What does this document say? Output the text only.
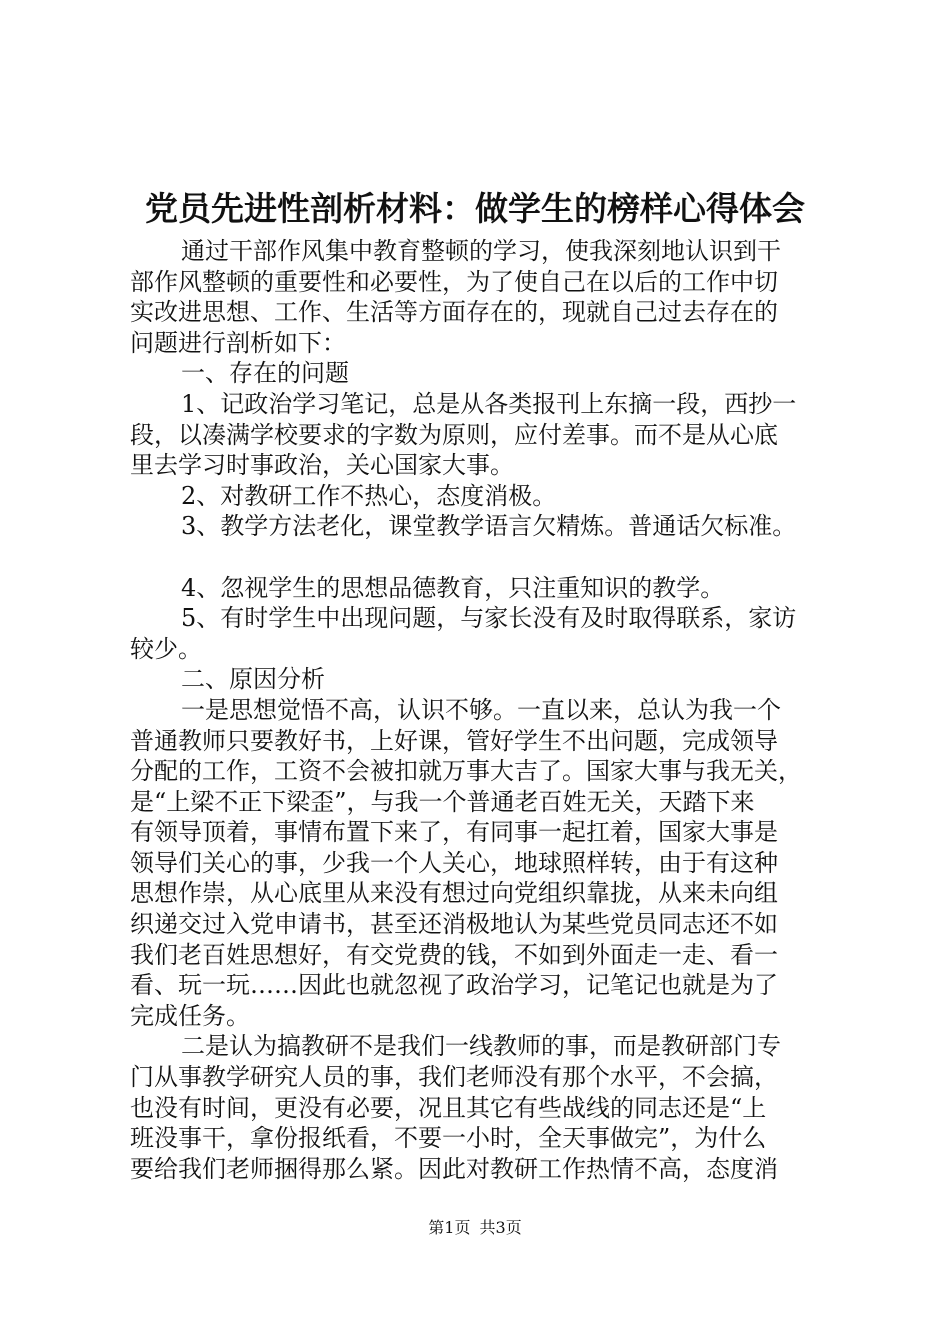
党员先进性剖析材料：做学生的榜样心得体会
通过干部作风集中教育整顿的学习，使我深刻地认识到干
部作风整顿的重要性和必要性，为了使自己在以后的工作中切
实改进思想、工作、生活等方面存在的，现就自己过去存在的
问题进行剖析如下：
一、存在的问题
1、记政治学习笔记，总是从各类报刊上东摘一段，西抄一
段，以凑满学校要求的字数为原则，应付差事。而不是从心底
里去学习时事政治，关心国家大事。
2、对教研工作不热心，态度消极。
3、教学方法老化，课堂教学语言欠精炼。普通话欠标准。
4、忽视学生的思想品德教育，只注重知识的教学。
5、有时学生中出现问题，与家长没有及时取得联系，家访
较少。
二、原因分析
一是思想觉悟不高，认识不够。一直以来，总认为我一个
普通教师只要教好书，上好课，管好学生不出问题，完成领导
分配的工作，工资不会被扣就万事大吉了。国家大事与我无关，
是“上梁不正下梁歪”，与我一个普通老百姓无关，天踏下来
有领导顶着，事情布置下来了，有同事一起扛着，国家大事是
领导们关心的事，少我一个人关心，地球照样转，由于有这种
思想作崇，从心底里从来没有想过向党组织靠拢，从来未向组
织递交过入党申请书，甚至还消极地认为某些党员同志还不如
我们老百姓思想好，有交党费的钱，不如到外面走一走、看一
看、玩一玩……因此也就忽视了政治学习，记笔记也就是为了
完成任务。
二是认为搞教研不是我们一线教师的事，而是教研部门专
门从事教学研究人员的事，我们老师没有那个水平，不会搞，
也没有时间，更没有必要，况且其它有些战线的同志还是“上
班没事干，拿份报纸看，不要一小时，全天事做完”，为什么
要给我们老师捆得那么紧。因此对教研工作热情不高，态度消
第1页 共3页
